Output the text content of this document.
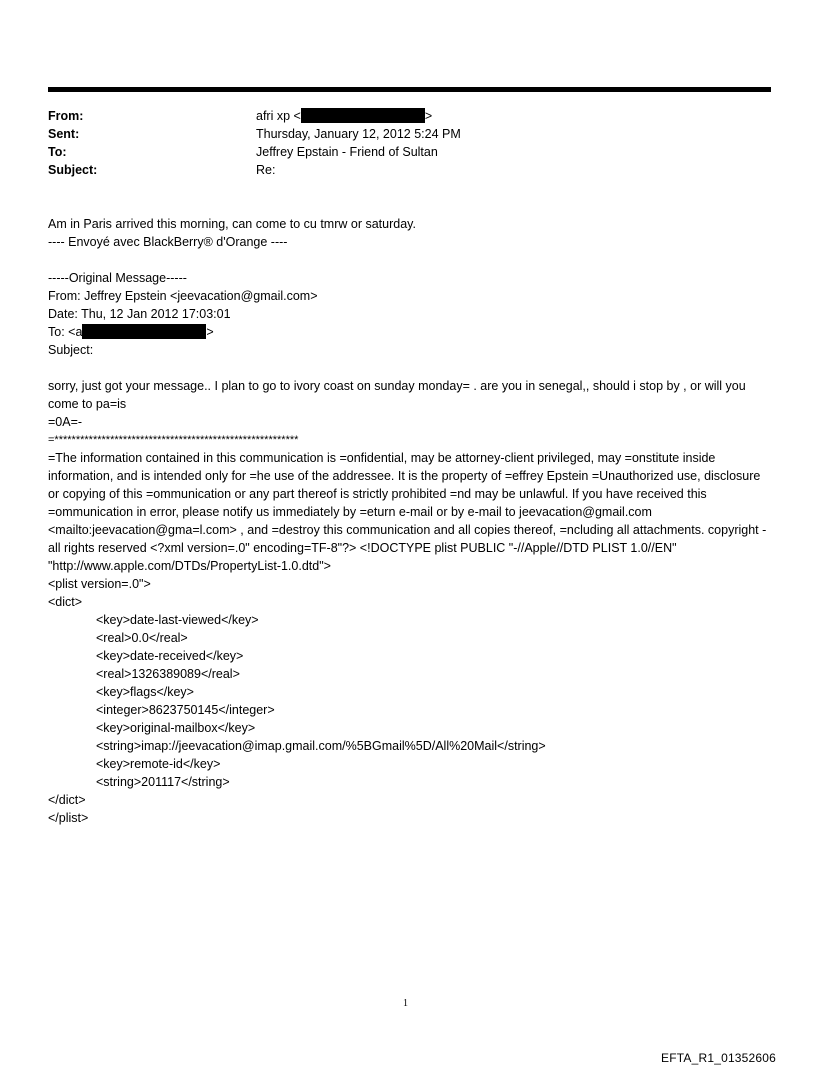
From:
Sent:
To:
Subject:
afri xp <	>
Thursday, January 12, 2012 5:24 PM
Jeffrey Epstain - Friend of Sultan
Re:
Am in Paris arrived this morning, can come to cu tmrw or saturday.
---- Envoyé avec BlackBerry® d'Orange ----
-----Original Message-----
From: Jeffrey Epstein <jeevacation@gmail.com>
Date: Thu, 12 Jan 2012 17:03:01
To: <a	>
Subject:
sorry, just got your message.. I plan to go to ivory coast on sunday monday= . are you in senegal,, should i stop by , or will you come to pa=is
=0A=-
=*********************************************************
=The information contained in this communication is =onfidential, may be attorney-client privileged, may =onstitute inside information, and is intended only for =he use of the addressee. It is the property of =effrey Epstein =Unauthorized use, disclosure or copying of this =ommunication or any part thereof is strictly prohibited =nd may be unlawful. If you have received this =ommunication in error, please notify us immediately by =eturn e-mail or by e-mail to jeevacation@gmail.com <mailto:jeevacation@gma=l.com> , and =destroy this communication and all copies thereof, =ncluding all attachments. copyright -all rights reserved <?xml version=.0" encoding=TF-8"?> <!DOCTYPE plist PUBLIC "-//Apple//DTD PLIST 1.0//EN" "http://www.apple.com/DTDs/PropertyList-1.0.dtd">
<plist version=.0">
<dict>
<key>date-last-viewed</key>
<real>0.0</real>
<key>date-received</key>
<real>1326389089</real>
<key>flags</key>
<integer>8623750145</integer>
<key>original-mailbox</key>
<string>imap://jeevacation@imap.gmail.com/%5BGmail%5D/All%20Mail</string>
<key>remote-id</key>
<string>201117</string>
</dict>
</plist>
1
EFTA_R1_01352606
